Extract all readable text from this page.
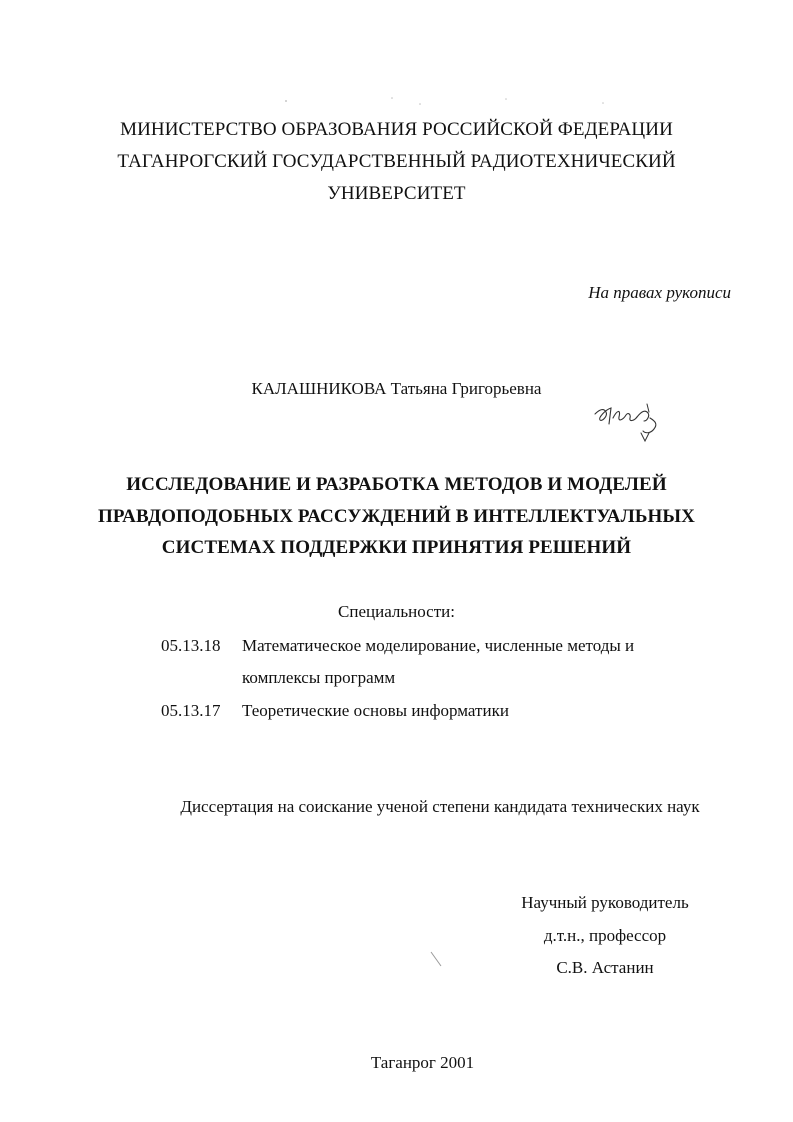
МИНИСТЕРСТВО ОБРАЗОВАНИЯ РОССИЙСКОЙ ФЕДЕРАЦИИ
ТАГАНРОГСКИЙ ГОСУДАРСТВЕННЫЙ РАДИОТЕХНИЧЕСКИЙ
УНИВЕРСИТЕТ
На правах рукописи
КАЛАШНИКОВА Татьяна Григорьевна
ИССЛЕДОВАНИЕ И РАЗРАБОТКА МЕТОДОВ И МОДЕЛЕЙ
ПРАВДОПОДОБНЫХ РАССУЖДЕНИЙ В ИНТЕЛЛЕКТУАЛЬНЫХ
СИСТЕМАХ ПОДДЕРЖКИ ПРИНЯТИЯ РЕШЕНИЙ
Специальности:
05.13.18 Математическое моделирование, численные методы и
комплексы программ
05.13.17 Теоретические основы информатики
Диссертация на соискание ученой степени кандидата технических наук
Научный руководитель
д.т.н., профессор
С.В. Астанин
Таганрог 2001
